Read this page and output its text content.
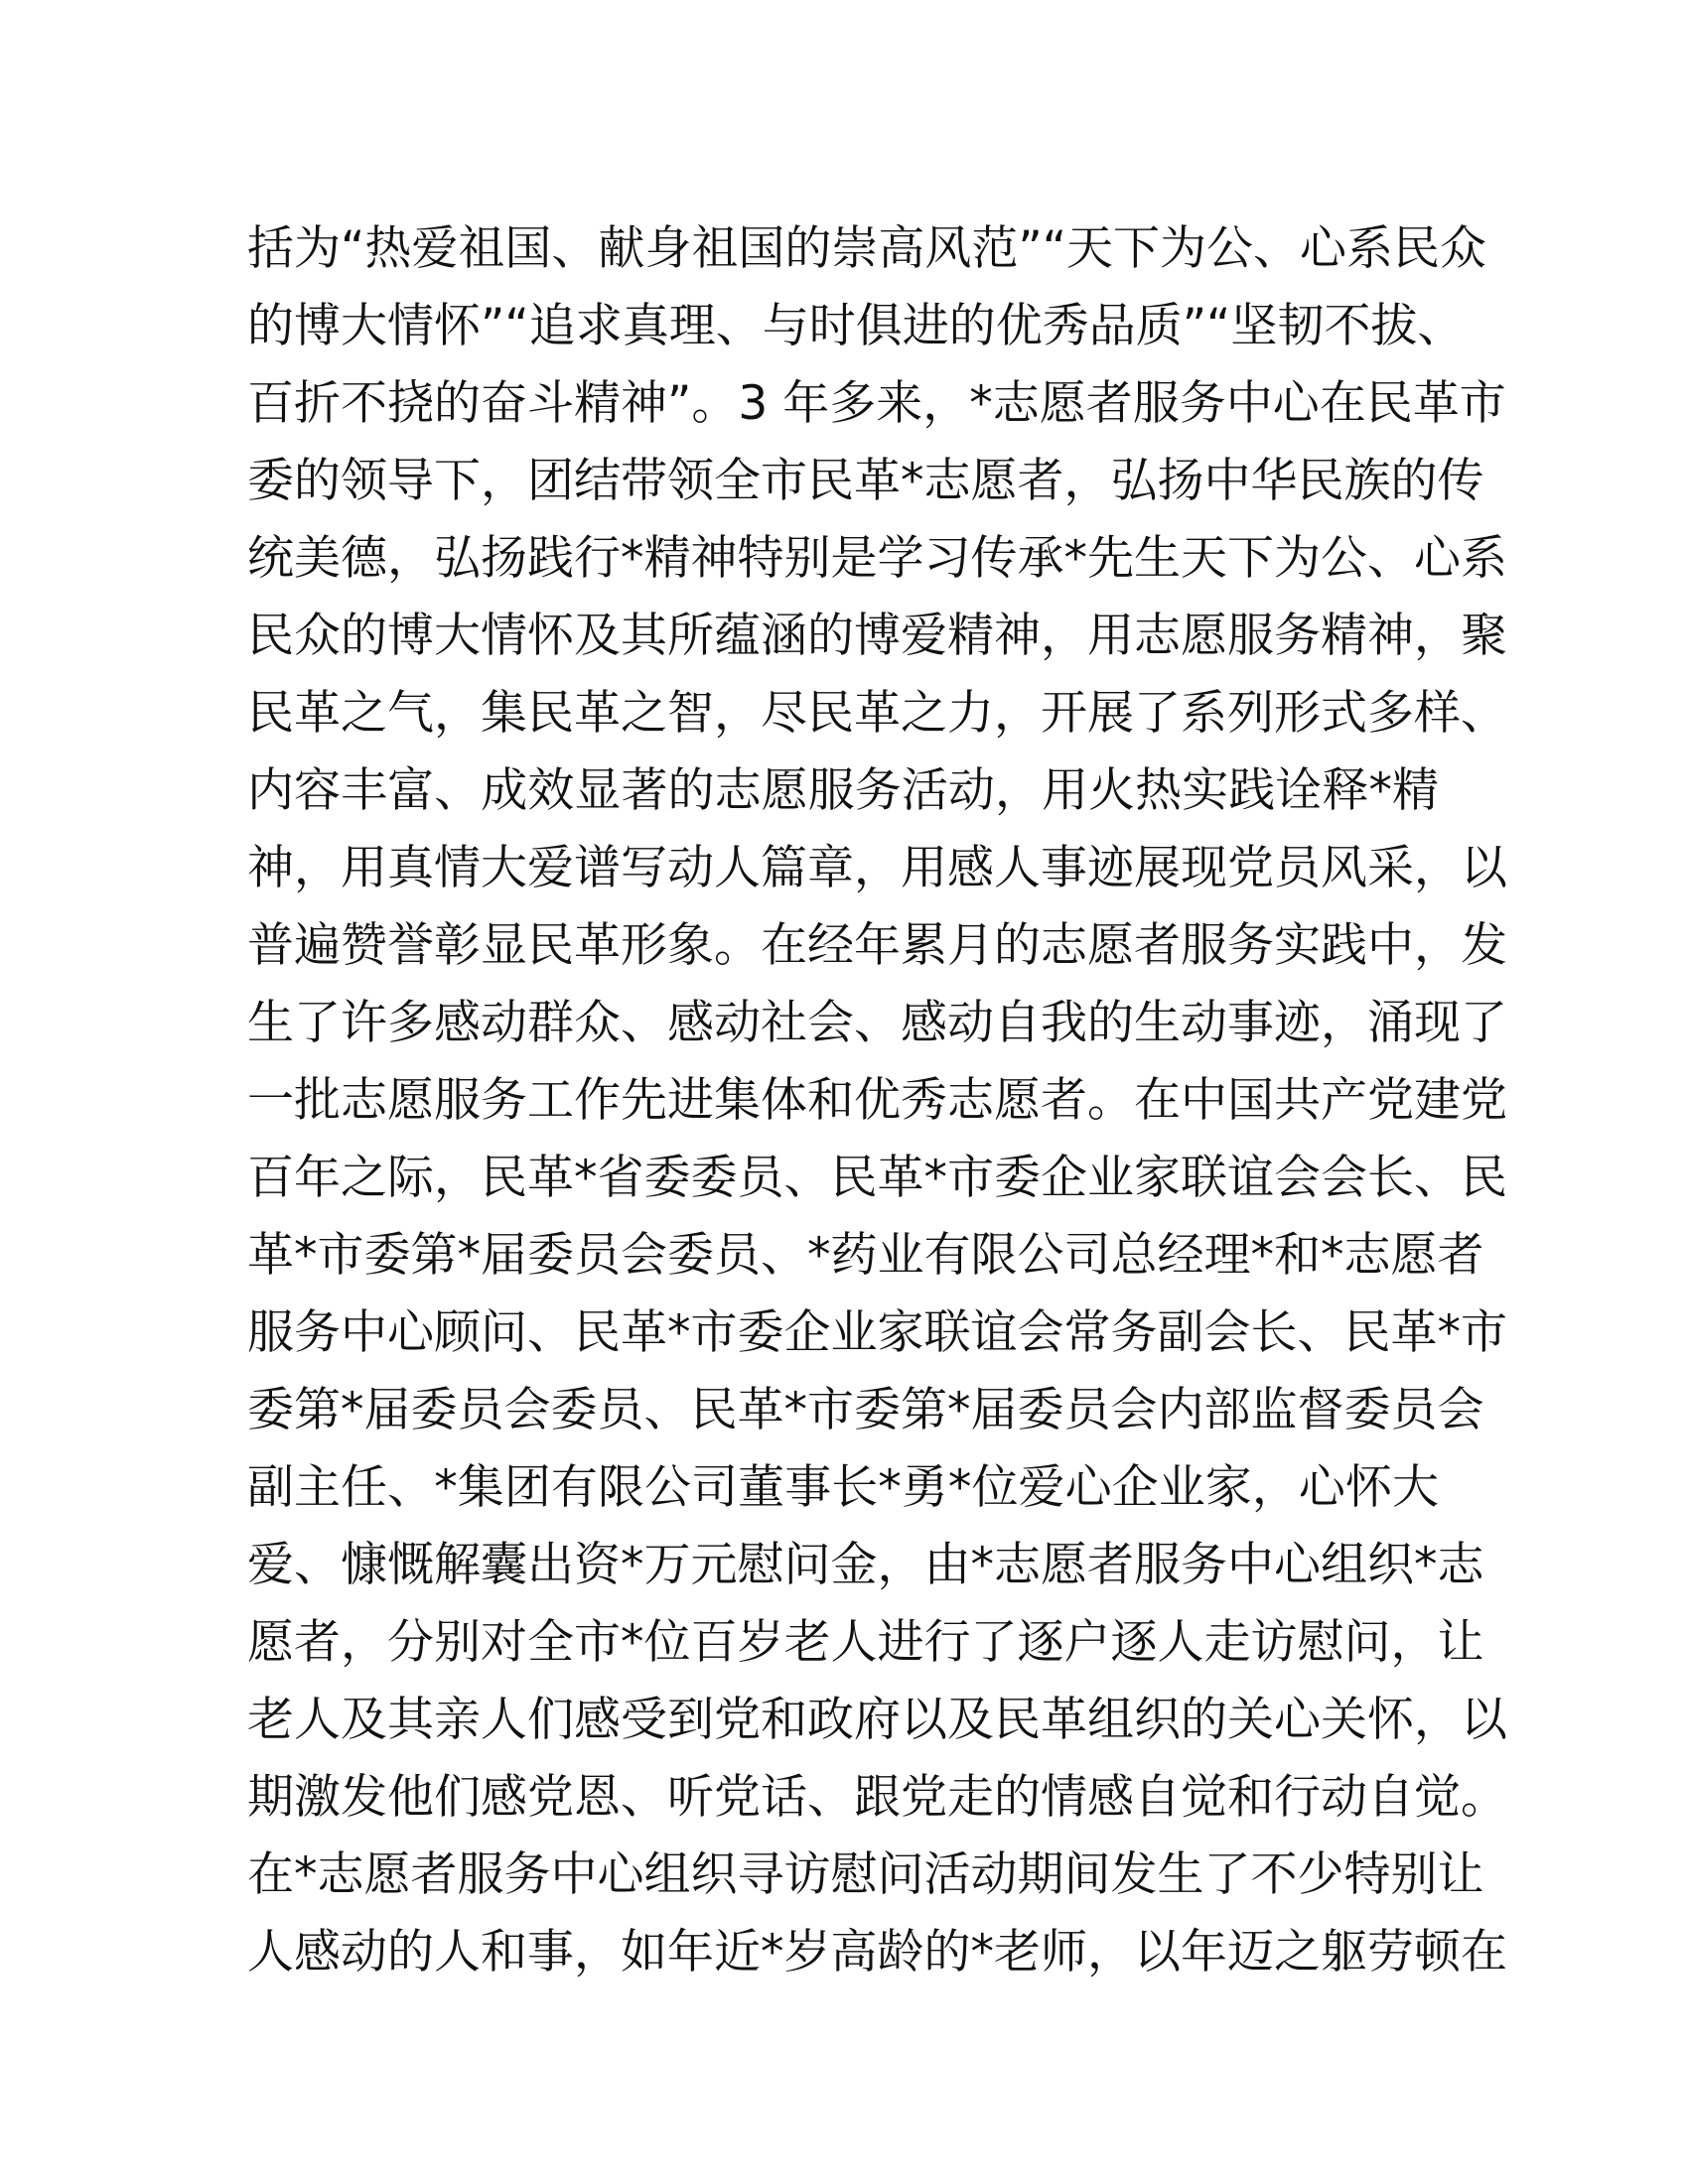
括为“热爱祖国、献身祖国的崇高风范”“天下为公、心系民众
的博大情怀”“追求真理、与时俱进的优秀品质”“坚韧不拔、
百折不挠的奋斗精神”。3 年多来，*志愿者服务中心在民革市
委的领导下，团结带领全市民革*志愿者，弘扬中华民族的传
统美德，弘扬践行*精神特别是学习传承*先生天下为公、心系
民众的博大情怀及其所蕴涵的博爱精神，用志愿服务精神，聚
民革之气，集民革之智，尽民革之力，开展了系列形式多样、
内容丰富、成效显著的志愿服务活动，用火热实践诠释*精
神，用真情大爱谱写动人篇章，用感人事迹展现党员风采，以
普遍赞誉彰显民革形象。在经年累月的志愿者服务实践中，发
生了许多感动群众、感动社会、感动自我的生动事迹，涌现了
一批志愿服务工作先进集体和优秀志愿者。在中国共产党建党
百年之际，民革*省委委员、民革*市委企业家联谊会会长、民
革*市委第*届委员会委员、*药业有限公司总经理*和*志愿者
服务中心顾问、民革*市委企业家联谊会常务副会长、民革*市
委第*届委员会委员、民革*市委第*届委员会内部监督委员会
副主任、*集团有限公司董事长*勇*位爱心企业家，心怀大
爱、慷慨解囊出资*万元慰问金，由*志愿者服务中心组织*志
愿者，分别对全市*位百岁老人进行了逐户逐人走访慰问，让
老人及其亲人们感受到党和政府以及民革组织的关心关怀，以
期激发他们感党恩、听党话、跟党走的情感自觉和行动自觉。
在*志愿者服务中心组织寻访慰问活动期间发生了不少特别让
人感动的人和事，如年近*岁高龄的*老师，以年迈之躯劳顿在
